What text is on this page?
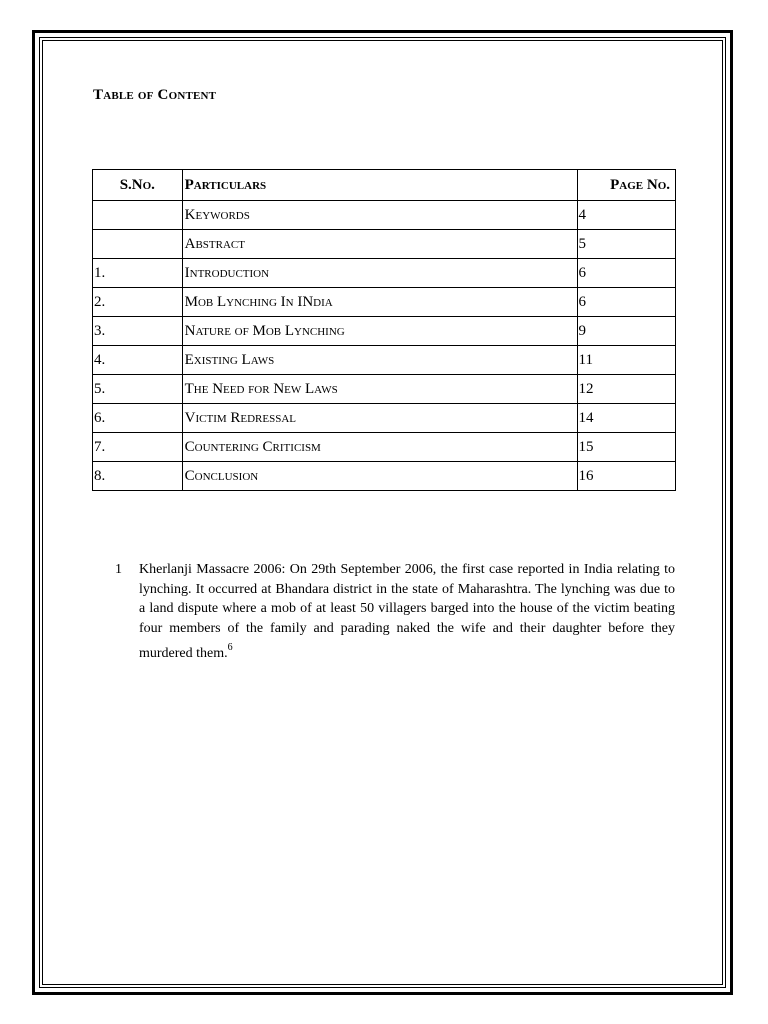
Table of Content
S.No.	Particulars	Page No.
	Keywords	4
	Abstract	5
1.	Introduction	6
2.	Mob Lynching In INdia	6
3.	Nature of Mob Lynching	9
4.	Existing Laws	11
5.	The Need for New Laws	12
6.	Victim Redressal	14
7.	Countering Criticism	15
8.	Conclusion	16
1 Kherlanji Massacre 2006: On 29th September 2006, the first case reported in India relating to lynching. It occurred at Bhandara district in the state of Maharashtra. The lynching was due to a land dispute where a mob of at least 50 villagers barged into the house of the victim beating four members of the family and parading naked the wife and their daughter before they murdered them.$^6$
